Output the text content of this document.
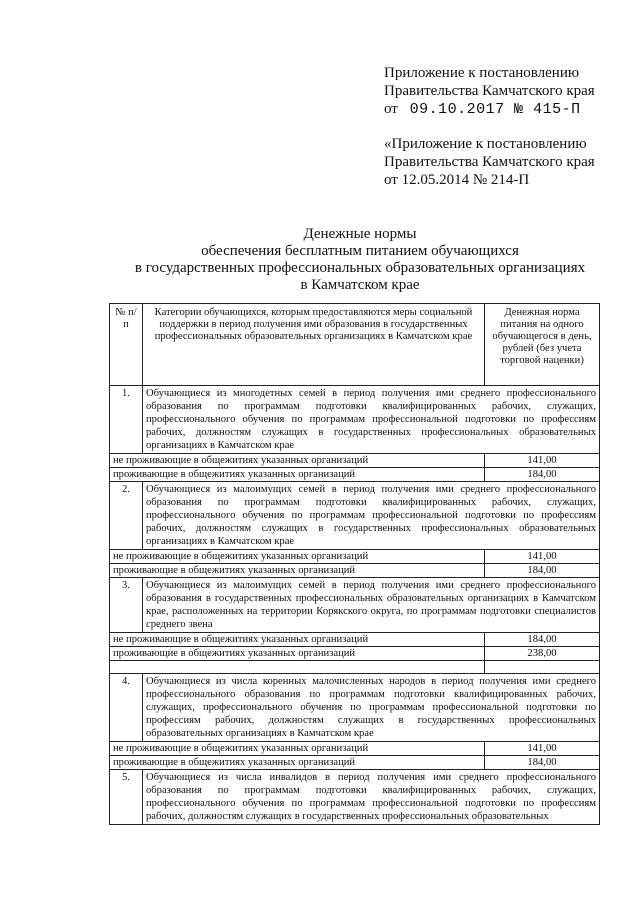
Приложение к постановлению
Правительства Камчатского края
от 09.10.2017 № 415-П
«Приложение к постановлению
Правительства Камчатского края
от 12.05.2014 № 214-П
Денежные нормы
обеспечения бесплатным питанием обучающихся
в государственных профессиональных образовательных организациях
в Камчатском крае
№ п/п	Категории обучающихся, которым предоставляются меры социальной поддержки в период получения ими образования в государственных профессиональных образовательных организациях в Камчатском крае	Денежная норма питания на одного обучающегося в день, рублей (без учета торговой наценки)
1.	Обучающиеся из многодетных семей в период получения ими среднего профессионального образования по программам подготовки квалифицированных рабочих, служащих, профессионального обучения по программам профессиональной подготовки по профессиям рабочих, должностям служащих в государственных профессиональных образовательных организациях в Камчатском крае	
не проживающие в общежитиях указанных организаций		141,00
проживающие в общежитиях указанных организаций		184,00
2.	Обучающиеся из малоимущих семей в период получения ими среднего профессионального образования по программам подготовки квалифицированных рабочих, служащих, профессионального обучения по программам профессиональной подготовки по профессиям рабочих, должностям служащих в государственных профессиональных образовательных организациях в Камчатском крае	
не проживающие в общежитиях указанных организаций		141,00
проживающие в общежитиях указанных организаций		184,00
3.	Обучающиеся из малоимущих семей в период получения ими среднего профессионального образования в государственных профессиональных образовательных организациях в Камчатском крае, расположенных на территории Корякского округа, по программам подготовки специалистов среднего звена	
не проживающие в общежитиях указанных организаций		184,00
проживающие в общежитиях указанных организаций		238,00

4.	Обучающиеся из числа коренных малочисленных народов в период получения ими среднего профессионального образования по программам подготовки квалифицированных рабочих, служащих, профессионального обучения по программам профессиональной подготовки по профессиям рабочих, должностям служащих в государственных профессиональных образовательных организациях в Камчатском крае	
не проживающие в общежитиях указанных организаций		141,00
проживающие в общежитиях указанных организаций		184,00
5.	Обучающиеся из числа инвалидов в период получения ими среднего профессионального образования по программам подготовки квалифицированных рабочих, служащих, профессионального обучения по программам профессиональной подготовки по профессиям рабочих, должностям служащих в государственных профессиональных образовательных	
